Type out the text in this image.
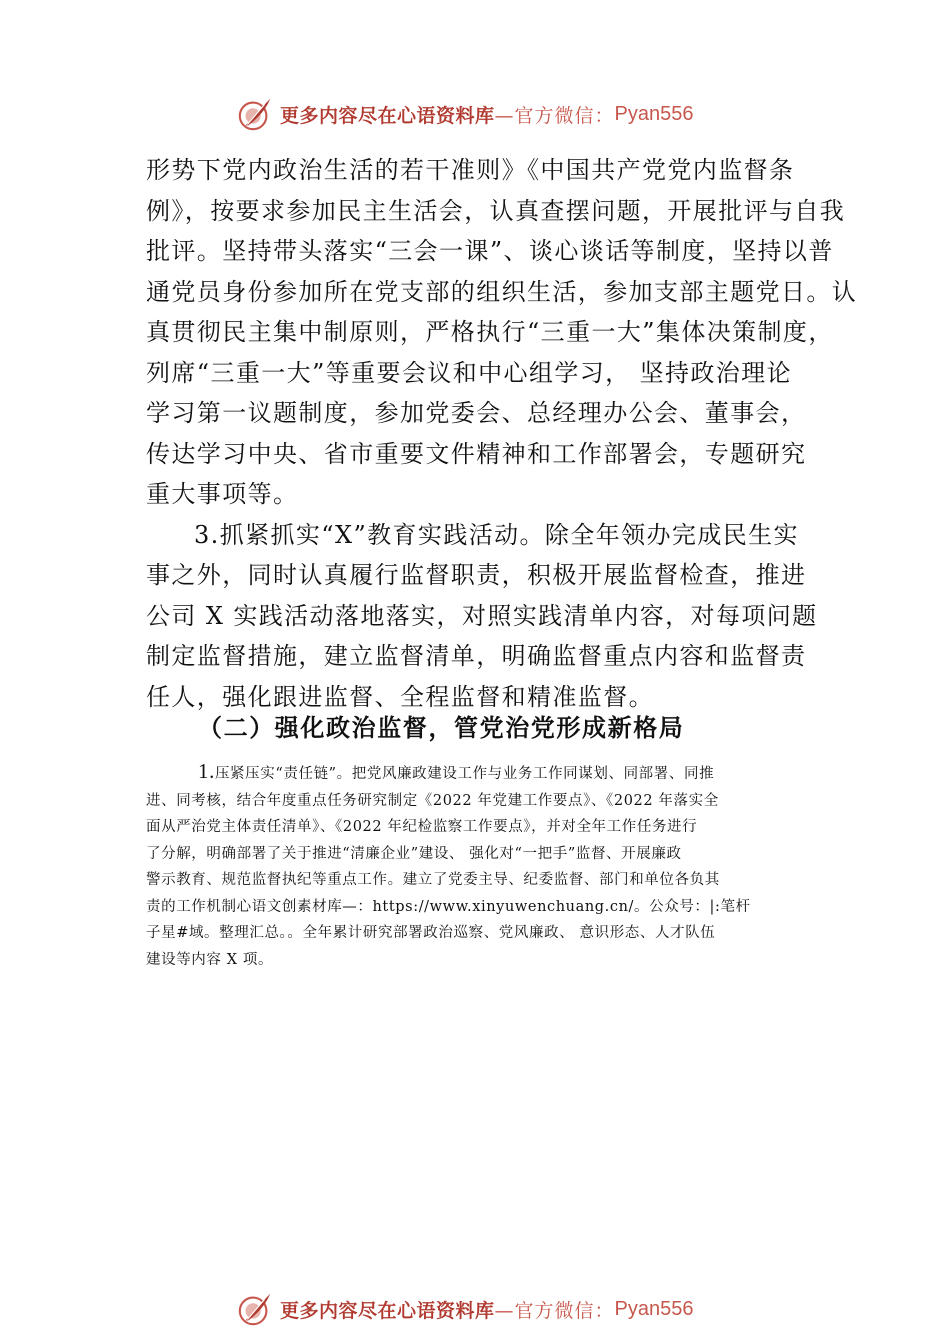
更多内容尽在心语资料库 —官方微信： Pyan556

形势下党内政治生活的若干准则》《中国共产党党内监督条
例》，按要求参加民主生活会，认真查摆问题，开展批评与自我
批评。坚持带头落实“三会一课”、谈心谈话等制度，坚持以普
通党员身份参加所在党支部的组织生活，参加支部主题党日。认
真贯彻民主集中制原则，严格执行“三重一大”集体决策制度，
列席“三重一大”等重要会议和中心组学习， 坚持政治理论
学习第一议题制度，参加党委会、总经理办公会、董事会，
传达学习中央、省市重要文件精神和工作部署会，专题研究
重大事项等。

3.抓紧抓实“X”教育实践活动。除全年领办完成民生实
事之外，同时认真履行监督职责，积极开展监督检查，推进
公司 X 实践活动落地落实，对照实践清单内容，对每项问题
制定监督措施，建立监督清单，明确监督重点内容和监督责
任人，强化跟进监督、全程监督和精准监督。

（二）强化政治监督，管党治党形成新格局
1.压紧压实“责任链”。把党风廉政建设工作与业务工作同谋划、同部署、同推
进、同考核，结合年度重点任务研究制定《2022 年党建工作要点》、《2022 年落实全
面从严治党主体责任清单》、《2022 年纪检监察工作要点》，并对全年工作任务进行
了分解，明确部署了关于推进“清廉企业”建设、 强化对“一把手”监督、开展廉政
警示教育、规范监督执纪等重点工作。建立了党委主导、纪委监督、部门和单位各负其
责的工作机制心语文创素材库—：https://www.xinyuwenchuang.cn/。公众号：|:笔杆
子星#域。整理汇总。。全年累计研究部署政治巡察、党风廉政、 意识形态、人才队伍
建设等内容 X 项。
更多内容尽在心语资料库 —官方微信： Pyan556
